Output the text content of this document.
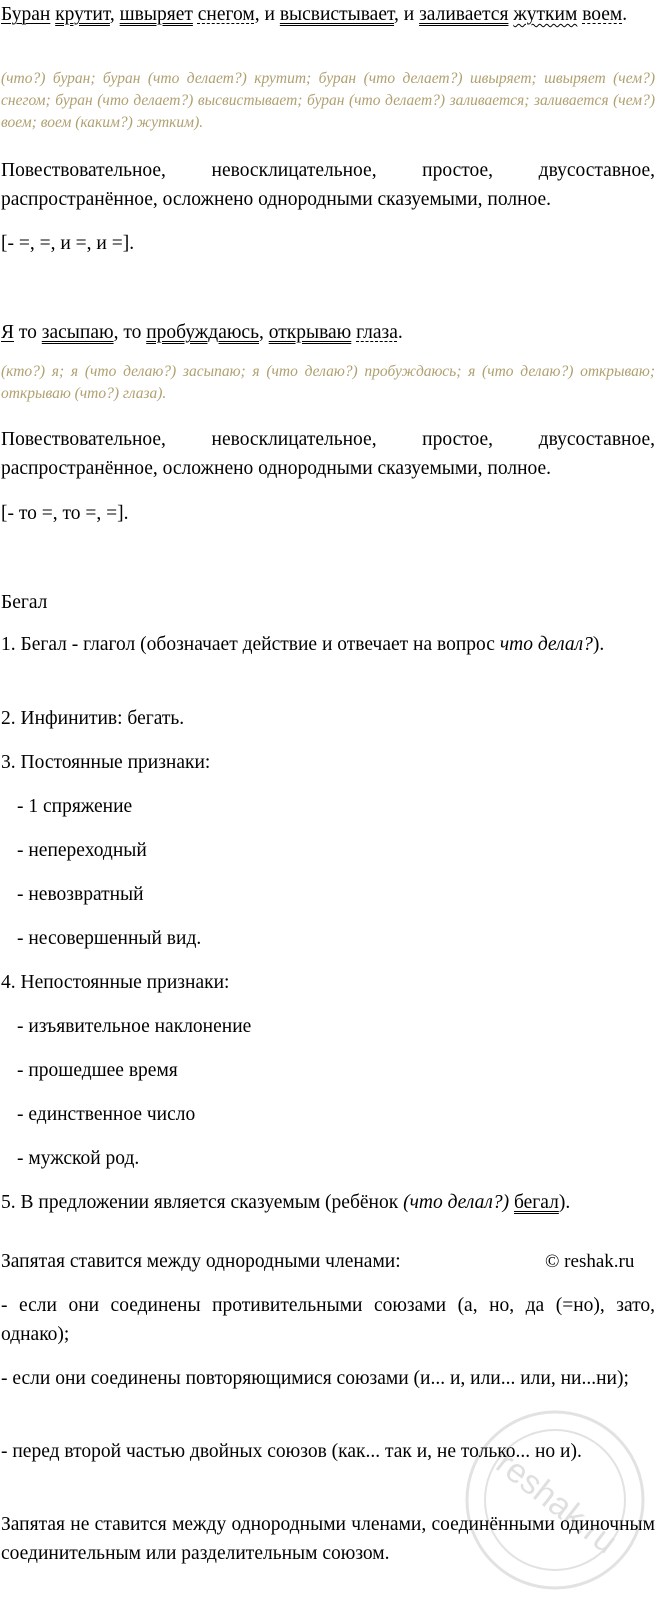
Буран крутит, швыряет снегом, и высвистывает, и заливается жутким воем.

(что?) буран; буран (что делает?) крутит; буран (что делает?) швыряет; швыряет (чем?) снегом; буран (что делает?) высвистывает; буран (что делает?) заливается; заливается (чем?) воем; воем (каким?) жутким).

Повествовательное, невосклицательное, простое, двусоставное, распространённое, осложнено однородными сказуемыми, полное.

[- =, =, и =, и =].

Я то засыпаю, то пробуждаюсь, открываю глаза.

(кто?) я; я (что делаю?) засыпаю; я (что делаю?) пробуждаюсь; я (что делаю?) открываю; открываю (что?) глаза).

Повествовательное, невосклицательное, простое, двусоставное, распространённое, осложнено однородными сказуемыми, полное.

[- то =, то =, =].

Бегал

1. Бегал - глагол (обозначает действие и отвечает на вопрос что делал?).

2. Инфинитив: бегать.

3. Постоянные признаки:

- 1 спряжение

- непереходный

- невозвратный

- несовершенный вид.

4. Непостоянные признаки:

- изъявительное наклонение

- прошедшее время

- единственное число

- мужской род.

5. В предложении является сказуемым (ребёнок (что делал?) бегал).

Запятая ставится между однородными членами:	© reshak.ru

- если они соединены противительными союзами (а, но, да (=но), зато, однако);

- если они соединены повторяющимися союзами (и... и, или... или, ни...ни);

- перед второй частью двойных союзов (как... так и, не только... но и).

Запятая не ставится между однородными членами, соединёнными одиночным соединительным или разделительным союзом.	reshak.ru
